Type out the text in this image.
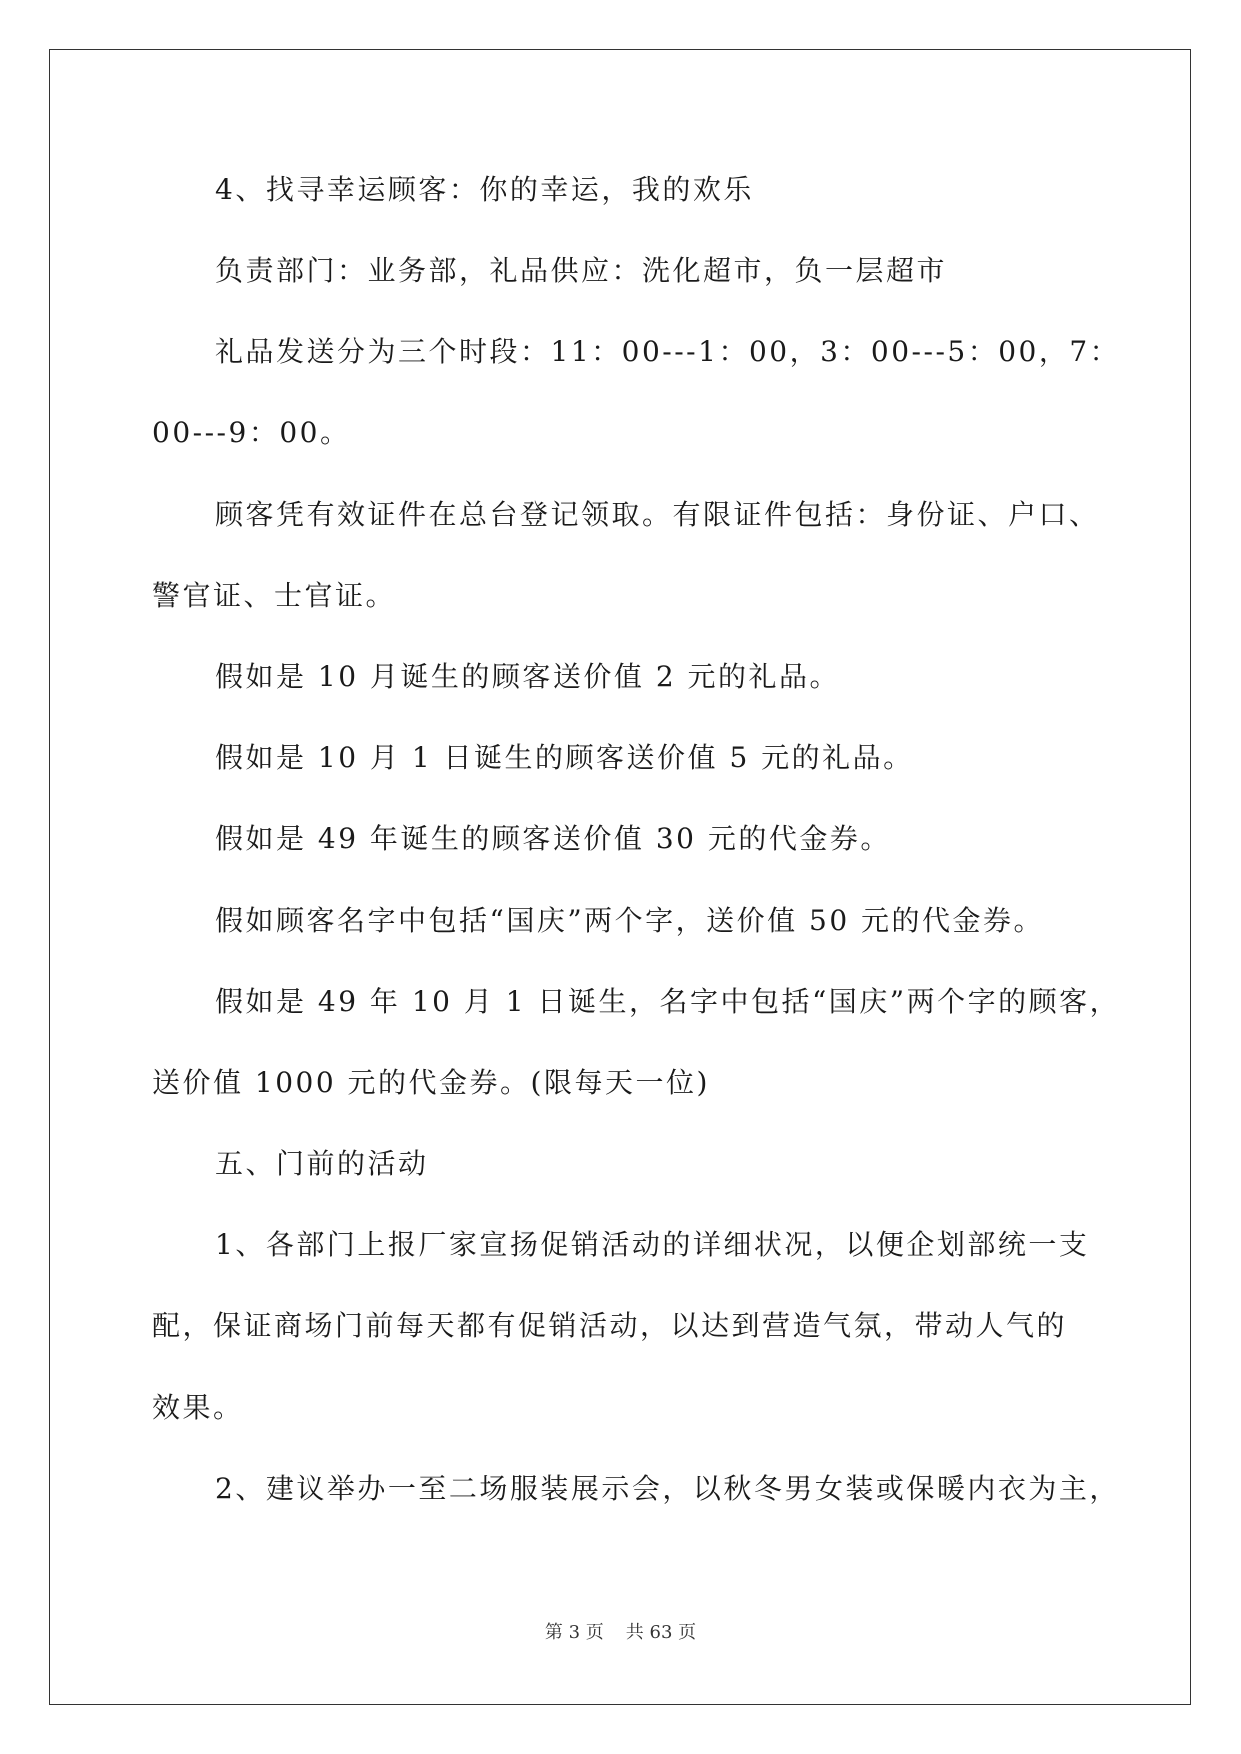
4、找寻幸运顾客：你的幸运，我的欢乐
负责部门：业务部，礼品供应：洗化超市，负一层超市
礼品发送分为三个时段：11：00---1：00，3：00---5：00，7：
00---9：00。
顾客凭有效证件在总台登记领取。有限证件包括：身份证、户口、
警官证、士官证。
假如是 10 月诞生的顾客送价值 2 元的礼品。
假如是 10 月 1 日诞生的顾客送价值 5 元的礼品。
假如是 49 年诞生的顾客送价值 30 元的代金券。
假如顾客名字中包括“国庆”两个字，送价值 50 元的代金券。
假如是 49 年 10 月 1 日诞生，名字中包括“国庆”两个字的顾客，
送价值 1000 元的代金券。(限每天一位)
五、门前的活动
1、各部门上报厂家宣扬促销活动的详细状况，以便企划部统一支
配，保证商场门前每天都有促销活动，以达到营造气氛，带动人气的
效果。
2、建议举办一至二场服装展示会，以秋冬男女装或保暖内衣为主，
第 3 页 共 63 页
